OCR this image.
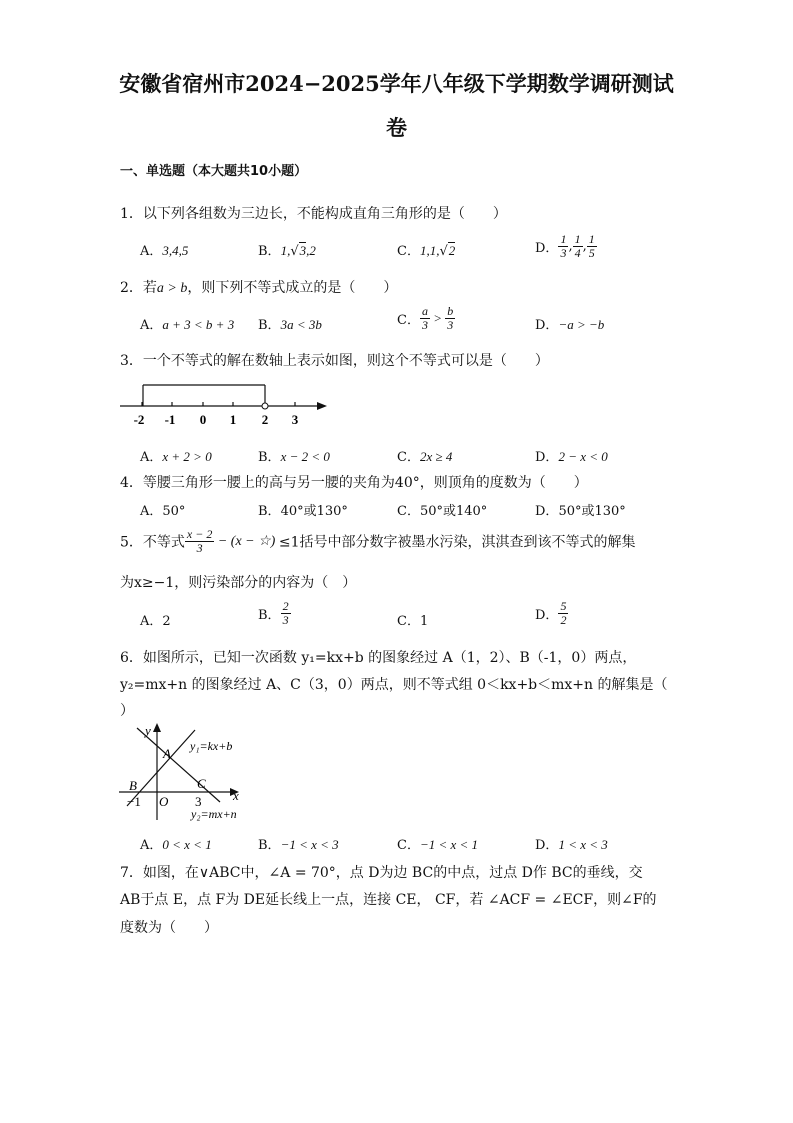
安徽省宿州市2024−2025学年八年级下学期数学调研测试
卷
一、单选题（本大题共10小题）
1．以下列各组数为三边长，不能构成直角三角形的是（　　）
A．3,4,5	B．1,√3,2	C．1,1,√2	D． $\frac{1}{3}$ , $\frac{1}{4}$ , $\frac{1}{5}$
2．若a > b，则下列不等式成立的是（　　）
A．a + 3 < b + 3 B．3a < 3b	C． $\frac{a}{3} > \frac{b}{3}$	D．−a > −b
3．一个不等式的解在数轴上表示如图，则这个不等式可以是（　　）
-2 -1 0 1 2 3
A．x + 2 > 0	B．x − 2 < 0	C．2x ≥ 4	D．2 − x < 0
4．等腰三角形一腰上的高与另一腰的夹角为40°，则顶角的度数为（　　）
A．50°	B．40°或130°	C．50°或140°	D．50°或130°
5．不等式 $\frac{x - 2}{3} - (x$ − ☆) ≤1括号中部分数字被墨水污染，淇淇查到该不等式的解集
为x≥−1，则污染部分的内容为（　）
A．2	B． $\frac{2}{3}$	C．1	D． $\frac{5}{2}$
6．如图所示，已知一次函数 y₁=kx+b 的图象经过 A（1，2）、B（-1，0）两点，
y₂=mx+n 的图象经过 A、C（3，0）两点，则不等式组 0＜kx+b＜mx+n 的解集是（
）
y
x
A
B	C
O
y₁=kx+b
y₂=mx+n
−1	3
A．0 < x < 1	B．−1 < x < 3	C．−1 < x < 1	D．1 < x < 3
7．如图，在∨ABC中，∠A = 70°，点 D为边 BC的中点，过点 D作 BC的垂线，交
AB于点 E，点 F为 DE延长线上一点，连接 CE， CF，若 ∠ACF = ∠ECF，则∠F的
度数为（　　）
